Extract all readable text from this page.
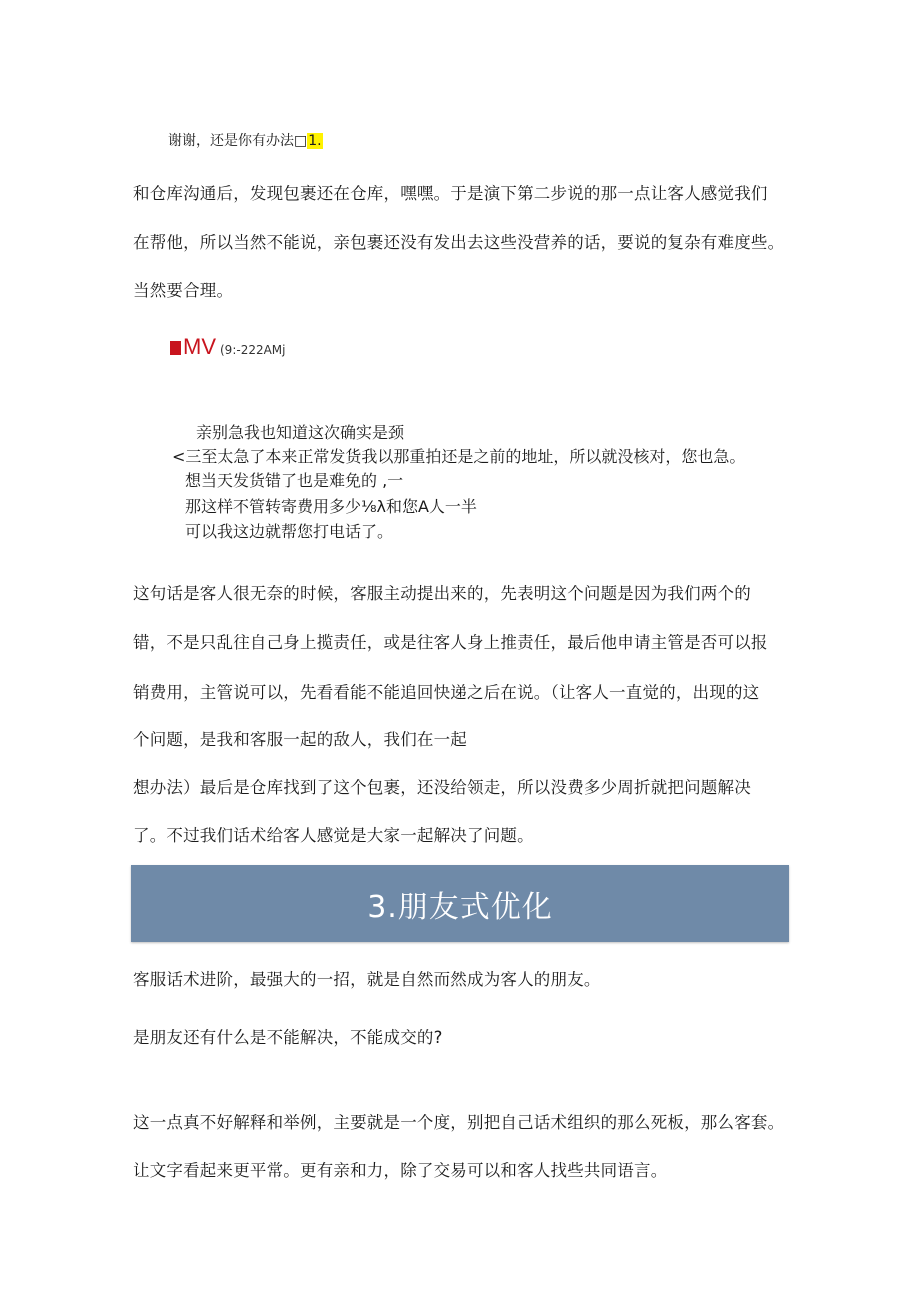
谢谢，还是你有办法□1.
和仓库沟通后，发现包裹还在仓库，嘿嘿。于是演下第二步说的那一点让客人感觉我们
在帮他，所以当然不能说，亲包裹还没有发出去这些没营养的话，要说的复杂有难度些。
当然要合理。
MV (9:-222AMj
亲别急我也知道这次确实是颈
<三至太急了本来正常发货我以那重拍还是之前的地址，所以就没核对，您也急。
想当天发货错了也是难免的 ,一
那这样不管转寄费用多少⅛λ和您A人一半
可以我这边就帮您打电话了。
这句话是客人很无奈的时候，客服主动提出来的，先表明这个问题是因为我们两个的
错，不是只乱往自己身上揽责任，或是往客人身上推责任，最后他申请主管是否可以报
销费用，主管说可以，先看看能不能追回快递之后在说。（让客人一直觉的，出现的这
个问题，是我和客服一起的敌人，我们在一起
想办法）最后是仓库找到了这个包裹，还没给领走，所以没费多少周折就把问题解决
了。不过我们话术给客人感觉是大家一起解决了问题。
3.朋友式优化
客服话术进阶，最强大的一招，就是自然而然成为客人的朋友。
是朋友还有什么是不能解决，不能成交的?
这一点真不好解释和举例，主要就是一个度，别把自己话术组织的那么死板，那么客套。
让文字看起来更平常。更有亲和力，除了交易可以和客人找些共同语言。
